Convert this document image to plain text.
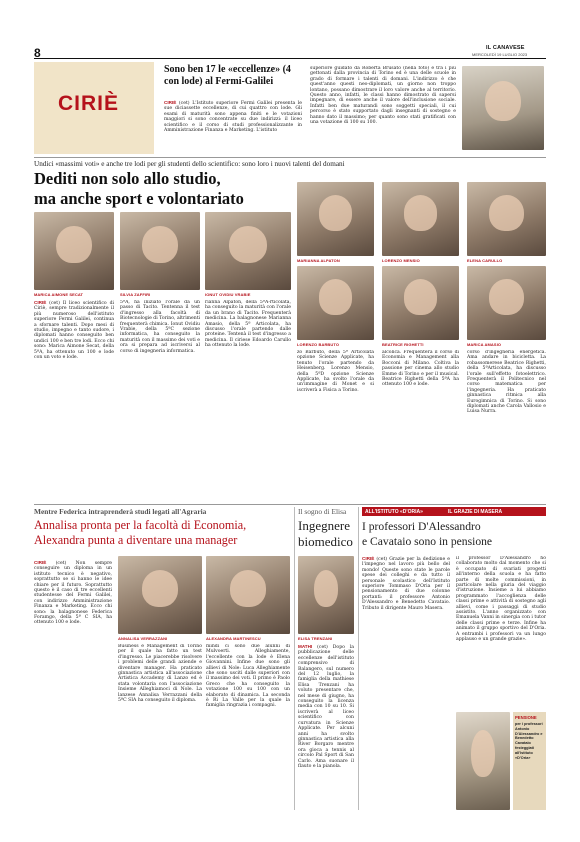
8	IL CANAVESE
MERCOLEDÌ 19 LUGLIO 2023
CIRIÈ
Sono ben 17 le «eccellenze» (4 con lode) al Fermi-Galilei
CIRIÈ (cet) L'Istituto superiore Fermi Galilei presenta le sue diciassette eccellenze, di cui quattro con lode. Gli esami di maturità sono appena finiti e le votazioni maggiori si sono concentrate su due indirizzi: il liceo scientifico e il corso di studi professionalizzante in Amministrazione Finanza e Marketing. L'istituto
superiore guidato da Roberta Brusato (nella foto) è tra i più gettonati dalla provincia di Torino ed è una delle scuole in grado di formare i talenti di domani. L'indirizzo è che quest'anno questi neo-diplomati, un giorno non troppo lontano, possano dimostrare il loro valore anche al territorio. Questo anno, infatti, le classi hanno dimostrato di sapersi impegnare, di essere anche il valore dell'inclusione sociale. Infatti ben due maturandi sono soggetti speciali, il cui percorso è stato supportato dagli insegnanti di sostegno e hanno dato il massimo; per quanto sono stati gratificati con una votazione di 100 su 100.
Undici «massimi voti» e anche tre lodi per gli studenti dello scientifico: sono loro i nuovi talenti del domani
Dediti non solo allo studio,
ma anche sport e volontariato
MARIANNA ALPATON	LORENZO MENSIO	ELENA CARULLO
MARICA AIMONE SECAT	SILVIA ZAFFIRI	IONUT OVIDIU VRABIE
LORENZO BARBUTO	BEATRICE RIGHETTI	MARICA AMASIO
CIRIÈ (cet) Il liceo scientifico di Ciriè, sempre tradizionalmente il più numeroso dell'istituto superiore Fermi Galilei, continua a sfornare talenti. Dopo mesi di studio, impegno e tanto sudore, i diplomati hanno conseguito ben undici 100 e ben tre lodi. Ecco chi sono: Marica Aimone Secat, della 5ªA, ha ottenuto un 100 e lode con un voto e lode.
5ªA, ha iniziato l'orale da un passo di Tacito. Tentenna il test d'ingresso alla facoltà di Biotecnologie di Torino, altrimenti frequenterà chimica. Ionut Ovidiu Vrabie, della 5ªC sezione informatica, ha conseguito la maturità con il massimo dei voti e ora si prepara ad iscriversi al corso di ingegneria informatica.
rianna Alpaton, della 5ªA-rticolata, ha conseguito la maturità con l'orale da un brano di Tacito. Frequenterà medicina. La balagnonese Marianna Amasio, della 5ª Articolata, ha discusso l'orale partendo dalle proteine. Tentenà il test d'ingresso a medicina. Il ciriese Edoardo Carullo ha ottenuto la lode.
zo Barbuto, della 5ª Articolata opzione Scienze Applicate, ha tenuto l'orale partendo da Heisenberg. Lorenzo Mensio, della 5ªD opzione Scienze Applicate, ha svolto l'orale da un'immagine di Monet e si iscriverà a Fisica a Torino.
alcolica. Frequenterà il corso di Economia e Management alla Bocconi di Milano. Coltiva la passione per cinema allo studio Emme di Torino e per il musical. Beatrice Righetti della 5ªA ha ottenuto 100 e lode.
corso d'ingegneria energetica. Ama andare in bicicletta. La robassomerese Beatrice Righetti, della 5ªArticolata, ha discusso l'orale sull'effetto fotoelettrico. Frequenterà il Politecnico nel corso matematica per l'ingegneria. Ha praticato ginnastica ritmica alla Eurogimnica di Torino. Si sono diplomati anche Carola Vallosio e Luisa Nurra.
Mentre Federica intraprenderà studi legati all'Agraria
Annalisa pronta per la facoltà di Economia,
Alexandra punta a diventare una manager
CIRIÈ (cet) Non sempre conseguire un diploma in un istituto tecnico è negativo, soprattutto se si hanno le idee chiare per il futuro. Soprattutto questo è il caso di tre eccellenti studentesse del Fermi Galilei, con indirizzo Amministrazione Finanza e Marketing. Ecco chi sono: la balagnonese Federica Foramgo, della 5ª C SIA, ha ottenuto 100 e lode.
ANNALISA VERRAZZANI	ALEXANDRA MARTINESCU
Business e Management di Torino per il quale ha fatto un test d'ingresso. Le piacerebbe risolvere i problemi delle grandi aziende e diventare manager. Ha praticato ginnastica artistica all'associazione Artistica Accademy di Lanzo ed è stata volontaria con l'associazione Insieme Alleghiamoci di Nole. La lanzese Annalisa Verrazzani della 5ªC SIA ha conseguito il diploma.
mindi ci sono due alunni di Mulvoerti. Alleghiamente, l'eccellente con la lode è Elena Giovannini. Infine due sono gli allievi di Nole: Luca Alleghiamente che sono uscitì dalle superiori con il massimo dei voti. Il primo è Paolo Greco che ha conseguito la votazione 100 su 100 con un elaborato di dinamica. La seconda è Ri La Valle per la quale la famiglia ringrazia i compagni.
Il sogno di Elisa
Ingegnere
biomedico
ELISA TRENZANI
MATHI (cet) Dopo la pubblicazione delle eccellenze dell'istituto comprensivo di Balangero, sul numero del 12 luglio, la famiglia della mathiese Elisa Trenzani ha voluto presentare che, nel mese di giugno, ha conseguito la licenza media con 10 su 10. Si iscriverà al liceo scientifico con curvatura in Scienze Applicate. Per alcuni anni ha svolto ginnastica artistica alla River Borgaro mentre ora gioca a tennis al circolo Pal Sport di San Carlo. Ama suonare il flauto e la pianola.
ALL'ISTITUTO «D'ORIA»	IL GRAZIE DI MASERA
I professori D'Alessandro
e Cavataio sono in pensione
CIRIÈ (cet) Grazie per la dedizione e l'impegno nel lavoro più bello del mondo! Queste sono state le parole spese dei colleghi e da tutto il personale scolastico dell'Istituto superiore Tommaso D'Oria per il pensionamento di due colonne portanti: il professore Antonio D'Alessandro e Benedetto Cavataio. Tributo il dirigente Mauro Masera.
il professor D'Alessandro ho collaborato molto dal momento che si è occupato di svariati progetti all'interno della scuola e ha fatto parte di molte commissioni, in particolare nella giuria del viaggio d'istruzione. Insieme a lui abbiamo programmato l'accoglienza delle classi prime e attività di sostegno agli allievi, come i passaggi di studio assistito. L'anno organizzato con Emanuela Vanni in sinergia con i tutor delle classi prime e terze. Infine ha animato il gruppo sportivo del D'Oria. A entrambi i professori va un lungo applauso e un grande grazie».
PENSIONE
per i professori Antonio D'Alessandro e Benedetto Cavataio festeggiati all'Istituto «D'Oria»
